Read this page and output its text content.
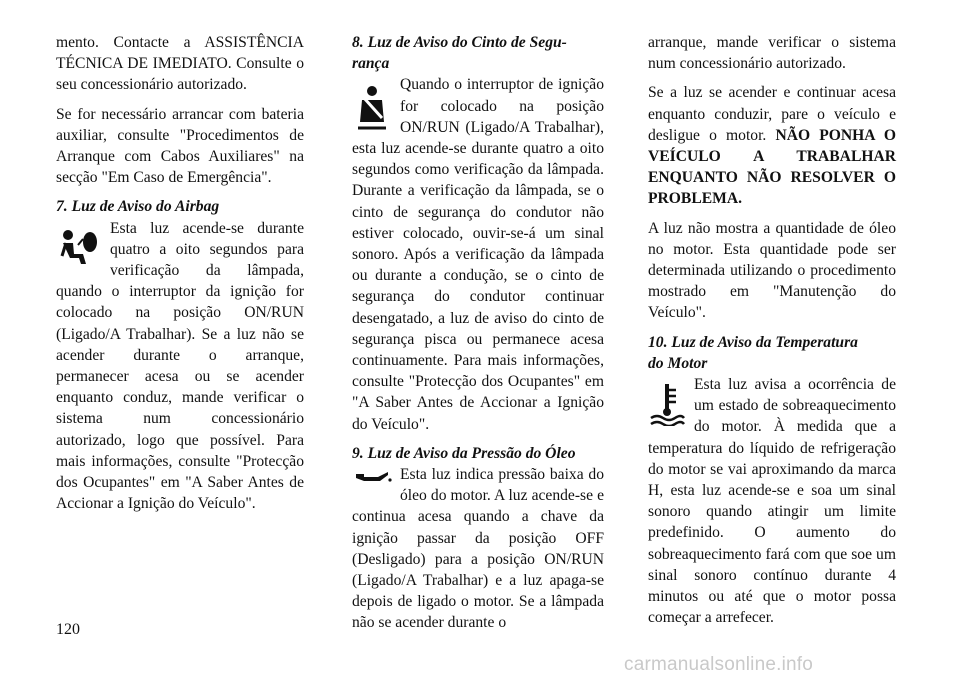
mento. Contacte a ASSISTÊNCIA TÉCNICA DE IMEDIATO. Consulte o seu concessionário autorizado.

Se for necessário arrancar com bateria auxiliar, consulte "Procedimentos de Arranque com Cabos Auxiliares" na secção "Em Caso de Emergência".

7. Luz de Aviso do Airbag

Esta luz acende-se durante quatro a oito segundos para verificação da lâmpada, quando o interruptor da ignição for colocado na posição ON/RUN (Ligado/A Trabalhar). Se a luz não se acender durante o arranque, permanecer acesa ou se acender enquanto conduz, mande verificar o sistema num concessionário autorizado, logo que possível. Para mais informações, consulte "Protecção dos Ocupantes" em "A Saber Antes de Accionar a Ignição do Veículo".

8. Luz de Aviso do Cinto de Segu-
rança

Quando o interruptor de ignição for colocado na posição ON/RUN (Ligado/A Trabalhar), esta luz acende-se durante quatro a oito segundos como verificação da lâmpada. Durante a verificação da lâmpada, se o cinto de segurança do condutor não estiver colocado, ouvir-se-á um sinal sonoro. Após a verificação da lâmpada ou durante a condução, se o cinto de segurança do condutor continuar desengatado, a luz de aviso do cinto de segurança pisca ou permanece acesa continuamente. Para mais informações, consulte "Protecção dos Ocupantes" em "A Saber Antes de Accionar a Ignição do Veículo".

9. Luz de Aviso da Pressão do Óleo

Esta luz indica pressão baixa do óleo do motor. A luz acende-se e continua acesa quando a chave da ignição passar da posição OFF (Desligado) para a posição ON/RUN (Ligado/A Trabalhar) e a luz apaga-se depois de ligado o motor. Se a lâmpada não se acender durante o

arranque, mande verificar o sistema num concessionário autorizado.

Se a luz se acender e continuar acesa enquanto conduzir, pare o veículo e desligue o motor. NÃO PONHA O VEÍCULO A TRABALHAR ENQUANTO NÃO RESOLVER O PROBLEMA.

A luz não mostra a quantidade de óleo no motor. Esta quantidade pode ser determinada utilizando o procedimento mostrado em "Manutenção do Veículo".

10. Luz de Aviso da Temperatura
do Motor

Esta luz avisa a ocorrência de um estado de sobreaquecimento do motor. À medida que a temperatura do líquido de refrigeração do motor se vai aproximando da marca H, esta luz acende-se e soa um sinal sonoro quando atingir um limite predefinido. O aumento do sobreaquecimento fará com que soe um sinal sonoro contínuo durante 4 minutos ou até que o motor possa começar a arrefecer.

120
carmanualsonline.info
